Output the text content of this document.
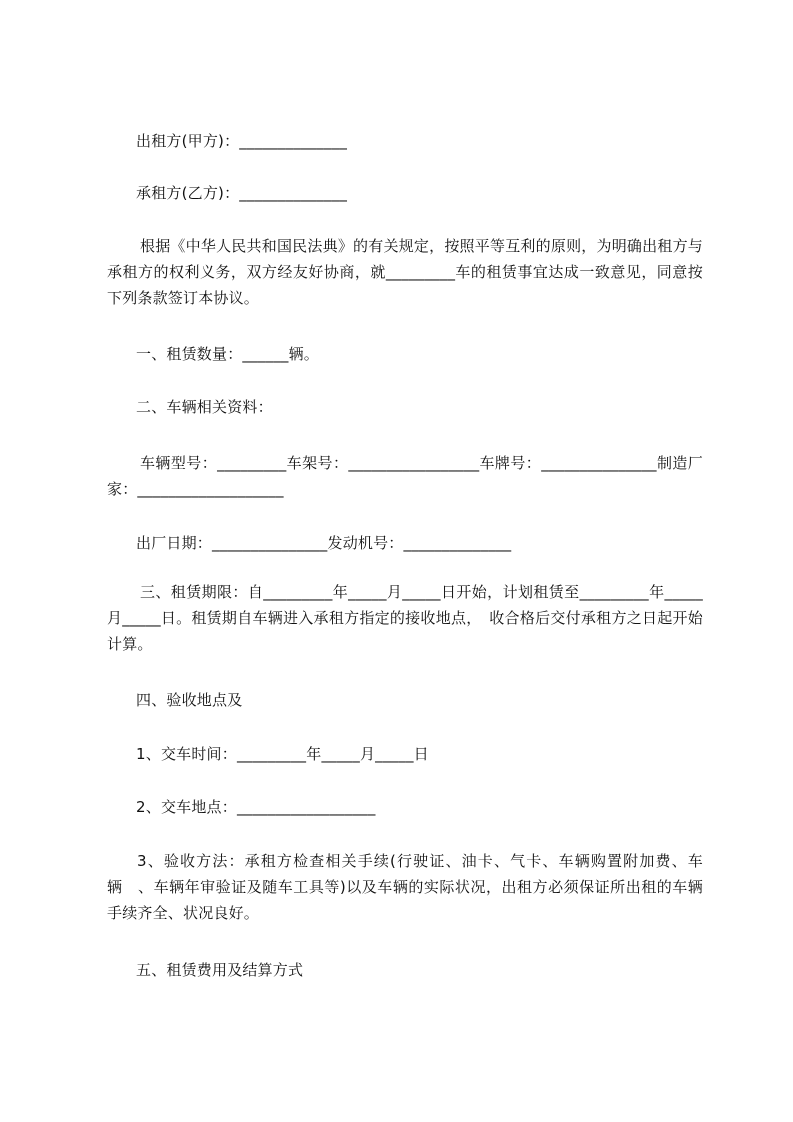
出租方(甲方)：______________
承租方(乙方)：______________
根据《中华人民共和国民法典》的有关规定，按照平等互利的原则，为明确出租方与承租方的权利义务，双方经友好协商，就_________车的租赁事宜达成一致意见，同意按下列条款签订本协议。
一、租赁数量：______辆。
二、车辆相关资料：
车辆型号：_________车架号：_________________车牌号：_______________制造厂家：___________________
出厂日期：_______________发动机号：______________
三、租赁期限：自_________年_____月_____日开始，计划租赁至_________年_____月_____日。租赁期自车辆进入承租方指定的接收地点，　收合格后交付承租方之日起开始计算。
四、验收地点及
1、交车时间：_________年_____月_____日
2、交车地点：__________________
3、验收方法：承租方检查相关手续(行驶证、油卡、气卡、车辆购置附加费、车辆　、车辆年审验证及随车工具等)以及车辆的实际状况，出租方必须保证所出租的车辆手续齐全、状况良好。
五、租赁费用及结算方式
